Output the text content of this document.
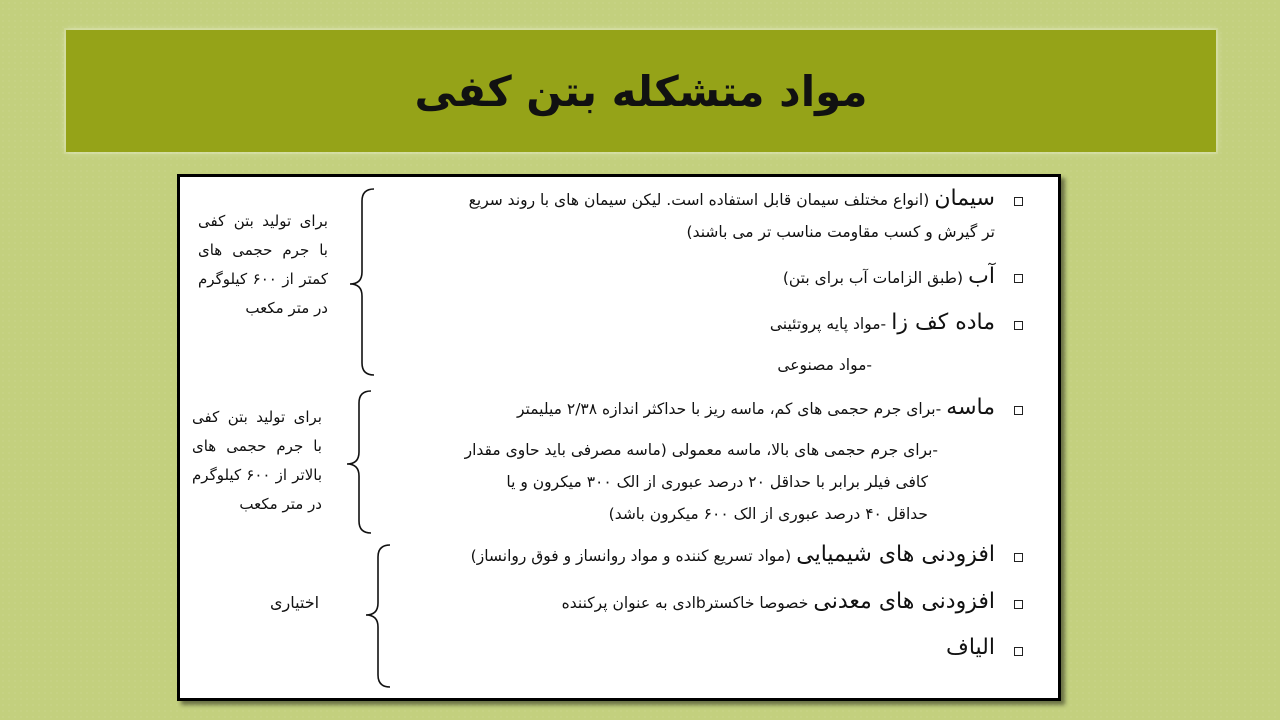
مواد متشکله بتن کفی
سیمان (انواع مختلف سیمان قابل استفاده است. لیکن سیمان های با روند سریع
تر گیرش و کسب مقاومت مناسب تر می باشند)
آب (طبق الزامات آب برای بتن)
ماده کف زا -مواد پایه پروتئینی
-مواد مصنوعی
ماسه -برای جرم حجمی های کم، ماسه ریز با حداکثر اندازه ۲/۳۸ میلیمتر
-برای جرم حجمی های بالا، ماسه معمولی (ماسه مصرفی باید حاوی مقدار
کافی فیلر برابر با حداقل ۲۰ درصد عبوری از الک ۳۰۰ میکرون و یا
حداقل ۴۰ درصد عبوری از الک ۶۰۰ میکرون باشد)
افزودنی های شیمیایی (مواد تسریع کننده و مواد روانساز و فوق روانساز)
افزودنی های معدنی خصوصا خاکسترbادی به عنوان پرکننده
الیاف
برای تولید بتن کفی با جرم حجمی های کمتر از ۶۰۰ کیلوگرم در متر مکعب
برای تولید بتن کفی با جرم حجمی های بالاتر از ۶۰۰ کیلوگرم در متر مکعب
اختیاری
